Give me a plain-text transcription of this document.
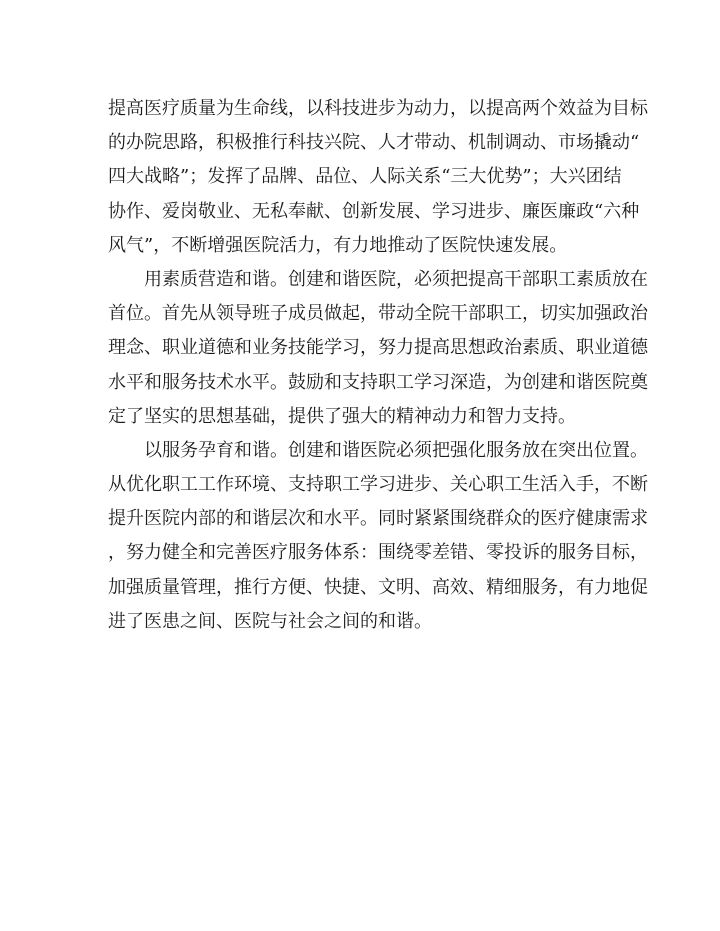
提高医疗质量为生命线，以科技进步为动力，以提高两个效益为目标
的办院思路，积极推行科技兴院、人才带动、机制调动、市场撬动“
四大战略”；发挥了品牌、品位、人际关系“三大优势”；大兴团结
协作、爱岗敬业、无私奉献、创新发展、学习进步、廉医廉政“六种
风气”，不断增强医院活力，有力地推动了医院快速发展。
用素质营造和谐。创建和谐医院，必须把提高干部职工素质放在
首位。首先从领导班子成员做起，带动全院干部职工，切实加强政治
理念、职业道德和业务技能学习，努力提高思想政治素质、职业道德
水平和服务技术水平。鼓励和支持职工学习深造，为创建和谐医院奠
定了坚实的思想基础，提供了强大的精神动力和智力支持。
以服务孕育和谐。创建和谐医院必须把强化服务放在突出位置。
从优化职工工作环境、支持职工学习进步、关心职工生活入手，不断
提升医院内部的和谐层次和水平。同时紧紧围绕群众的医疗健康需求
，努力健全和完善医疗服务体系：围绕零差错、零投诉的服务目标，
加强质量管理，推行方便、快捷、文明、高效、精细服务，有力地促
进了医患之间、医院与社会之间的和谐。
